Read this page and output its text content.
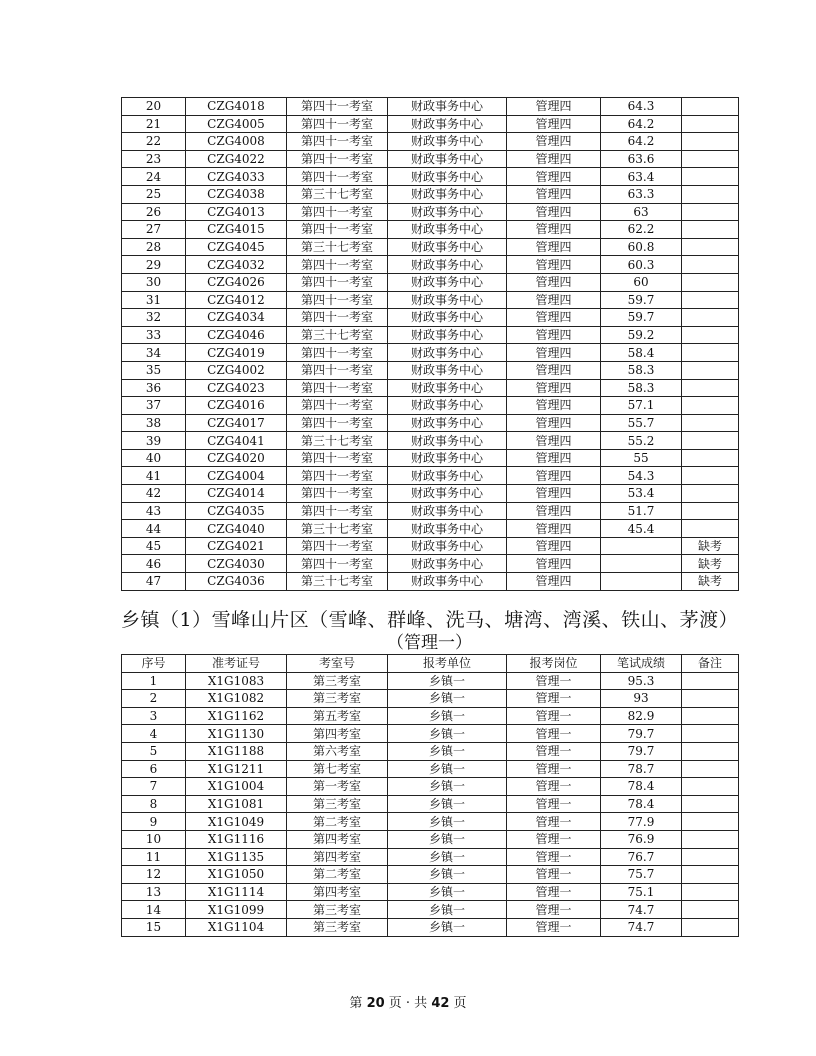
20	CZG4018	第四十一考室	财政事务中心	管理四	64.3	
21	CZG4005	第四十一考室	财政事务中心	管理四	64.2	
22	CZG4008	第四十一考室	财政事务中心	管理四	64.2	
23	CZG4022	第四十一考室	财政事务中心	管理四	63.6	
24	CZG4033	第四十一考室	财政事务中心	管理四	63.4	
25	CZG4038	第三十七考室	财政事务中心	管理四	63.3	
26	CZG4013	第四十一考室	财政事务中心	管理四	63	
27	CZG4015	第四十一考室	财政事务中心	管理四	62.2	
28	CZG4045	第三十七考室	财政事务中心	管理四	60.8	
29	CZG4032	第四十一考室	财政事务中心	管理四	60.3	
30	CZG4026	第四十一考室	财政事务中心	管理四	60	
31	CZG4012	第四十一考室	财政事务中心	管理四	59.7	
32	CZG4034	第四十一考室	财政事务中心	管理四	59.7	
33	CZG4046	第三十七考室	财政事务中心	管理四	59.2	
34	CZG4019	第四十一考室	财政事务中心	管理四	58.4	
35	CZG4002	第四十一考室	财政事务中心	管理四	58.3	
36	CZG4023	第四十一考室	财政事务中心	管理四	58.3	
37	CZG4016	第四十一考室	财政事务中心	管理四	57.1	
38	CZG4017	第四十一考室	财政事务中心	管理四	55.7	
39	CZG4041	第三十七考室	财政事务中心	管理四	55.2	
40	CZG4020	第四十一考室	财政事务中心	管理四	55	
41	CZG4004	第四十一考室	财政事务中心	管理四	54.3	
42	CZG4014	第四十一考室	财政事务中心	管理四	53.4	
43	CZG4035	第四十一考室	财政事务中心	管理四	51.7	
44	CZG4040	第三十七考室	财政事务中心	管理四	45.4	
45	CZG4021	第四十一考室	财政事务中心	管理四		缺考
46	CZG4030	第四十一考室	财政事务中心	管理四		缺考
47	CZG4036	第三十七考室	财政事务中心	管理四		缺考
乡镇（1）雪峰山片区（雪峰、群峰、洗马、塘湾、湾溪、铁山、茅渡）
（管理一）
序号	准考证号	考室号	报考单位	报考岗位	笔试成绩	备注
1	X1G1083	第三考室	乡镇一	管理一	95.3	
2	X1G1082	第三考室	乡镇一	管理一	93	
3	X1G1162	第五考室	乡镇一	管理一	82.9	
4	X1G1130	第四考室	乡镇一	管理一	79.7	
5	X1G1188	第六考室	乡镇一	管理一	79.7	
6	X1G1211	第七考室	乡镇一	管理一	78.7	
7	X1G1004	第一考室	乡镇一	管理一	78.4	
8	X1G1081	第三考室	乡镇一	管理一	78.4	
9	X1G1049	第二考室	乡镇一	管理一	77.9	
10	X1G1116	第四考室	乡镇一	管理一	76.9	
11	X1G1135	第四考室	乡镇一	管理一	76.7	
12	X1G1050	第二考室	乡镇一	管理一	75.7	
13	X1G1114	第四考室	乡镇一	管理一	75.1	
14	X1G1099	第三考室	乡镇一	管理一	74.7	
15	X1G1104	第三考室	乡镇一	管理一	74.7	
第 20 页 · 共 42 页
